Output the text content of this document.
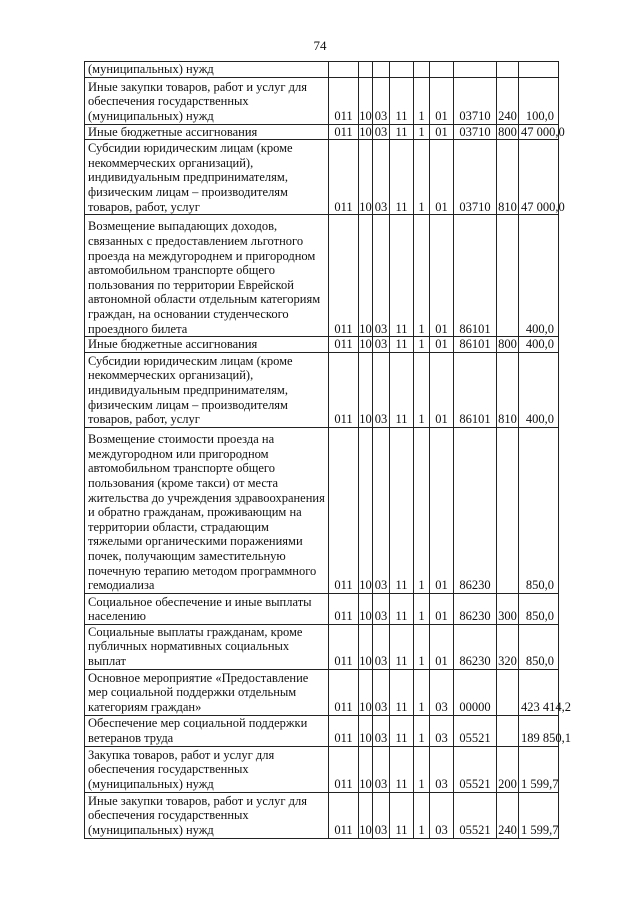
74
(муниципальных) нужд									
Иные закупки товаров, работ и услуг для обеспечения государственных (муниципальных) нужд	011	10	03	11	1	01	03710	240	100,0
Иные бюджетные ассигнования	011	10	03	11	1	01	03710	800	47 000,0
Субсидии юридическим лицам (кроме некоммерческих организаций), индивидуальным предпринимателям, физическим лицам – производителям товаров, работ, услуг	011	10	03	11	1	01	03710	810	47 000,0
Возмещение выпадающих доходов, связанных с предоставлением льготного проезда на междугороднем и пригородном автомобильном транспорте общего пользования по территории Еврейской автономной области отдельным категориям граждан, на основании студенческого проездного билета	011	10	03	11	1	01	86101		400,0
Иные бюджетные ассигнования	011	10	03	11	1	01	86101	800	400,0
Субсидии юридическим лицам (кроме некоммерческих организаций), индивидуальным предпринимателям, физическим лицам – производителям товаров, работ, услуг	011	10	03	11	1	01	86101	810	400,0
Возмещение стоимости проезда на междугородном или пригородном автомобильном транспорте общего пользования (кроме такси) от места жительства до учреждения здравоохранения и обратно гражданам, проживающим на территории области, страдающим тяжелыми органическими поражениями почек, получающим заместительную почечную терапию методом программного гемодиализа	011	10	03	11	1	01	86230		850,0
Социальное обеспечение и иные выплаты населению	011	10	03	11	1	01	86230	300	850,0
Социальные выплаты гражданам, кроме публичных нормативных социальных выплат	011	10	03	11	1	01	86230	320	850,0
Основное мероприятие «Предоставление мер социальной поддержки отдельным категориям граждан»	011	10	03	11	1	03	00000		423 414,2
Обеспечение мер социальной поддержки ветеранов труда	011	10	03	11	1	03	05521		189 850,1
Закупка товаров, работ и услуг для обеспечения государственных (муниципальных) нужд	011	10	03	11	1	03	05521	200	1 599,7
Иные закупки товаров, работ и услуг для обеспечения государственных (муниципальных) нужд	011	10	03	11	1	03	05521	240	1 599,7
